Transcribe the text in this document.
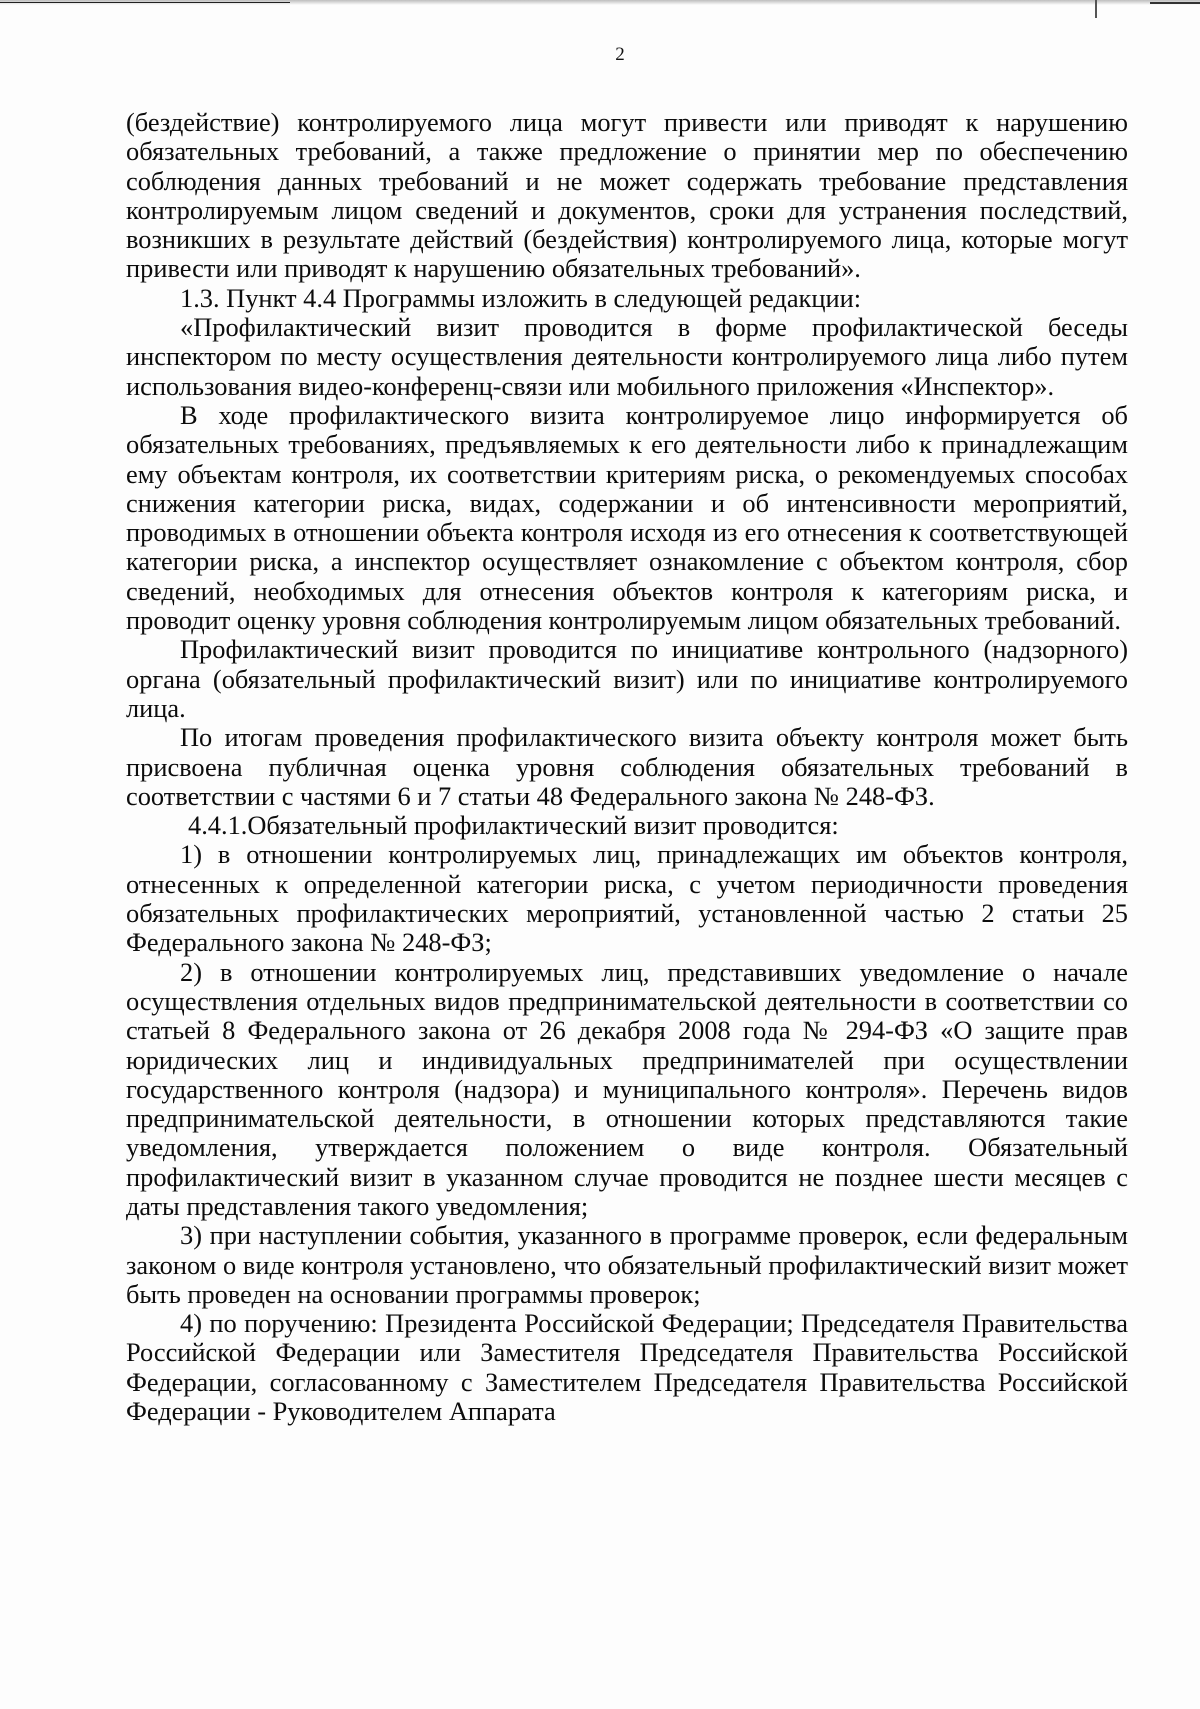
2

(бездействие) контролируемого лица могут привести или приводят к нарушению обязательных требований, а также предложение о принятии мер по обеспечению соблюдения данных требований и не может содержать требование представления контролируемым лицом сведений и документов, сроки для устранения последствий, возникших в результате действий (бездействия) контролируемого лица, которые могут привести или приводят к нарушению обязательных требований».

1.3. Пункт 4.4 Программы изложить в следующей редакции:

«Профилактический визит проводится в форме профилактической беседы инспектором по месту осуществления деятельности контролируемого лица либо путем использования видео-конференц-связи или мобильного приложения «Инспектор».

В ходе профилактического визита контролируемое лицо информируется об обязательных требованиях, предъявляемых к его деятельности либо к принадлежащим ему объектам контроля, их соответствии критериям риска, о рекомендуемых способах снижения категории риска, видах, содержании и об интенсивности мероприятий, проводимых в отношении объекта контроля исходя из его отнесения к соответствующей категории риска, а инспектор осуществляет ознакомление с объектом контроля, сбор сведений, необходимых для отнесения объектов контроля к категориям риска, и проводит оценку уровня соблюдения контролируемым лицом обязательных требований.

Профилактический визит проводится по инициативе контрольного (надзорного) органа (обязательный профилактический визит) или по инициативе контролируемого лица.

По итогам проведения профилактического визита объекту контроля может быть присвоена публичная оценка уровня соблюдения обязательных требований в соответствии с частями 6 и 7 статьи 48 Федерального закона № 248-ФЗ.

4.4.1.Обязательный профилактический визит проводится:

1) в отношении контролируемых лиц, принадлежащих им объектов контроля, отнесенных к определенной категории риска, с учетом периодичности проведения обязательных профилактических мероприятий, установленной частью 2 статьи 25 Федерального закона № 248-ФЗ;

2) в отношении контролируемых лиц, представивших уведомление о начале осуществления отдельных видов предпринимательской деятельности в соответствии со статьей 8 Федерального закона от 26 декабря 2008 года № 294-ФЗ «О защите прав юридических лиц и индивидуальных предпринимателей при осуществлении государственного контроля (надзора) и муниципального контроля». Перечень видов предпринимательской деятельности, в отношении которых представляются такие уведомления, утверждается положением о виде контроля. Обязательный профилактический визит в указанном случае проводится не позднее шести месяцев с даты представления такого уведомления;

3) при наступлении события, указанного в программе проверок, если федеральным законом о виде контроля установлено, что обязательный профилактический визит может быть проведен на основании программы проверок;

4) по поручению: Президента Российской Федерации; Председателя Правительства Российской Федерации или Заместителя Председателя Правительства Российской Федерации, согласованному с Заместителем Председателя Правительства Российской Федерации - Руководителем Аппарата
